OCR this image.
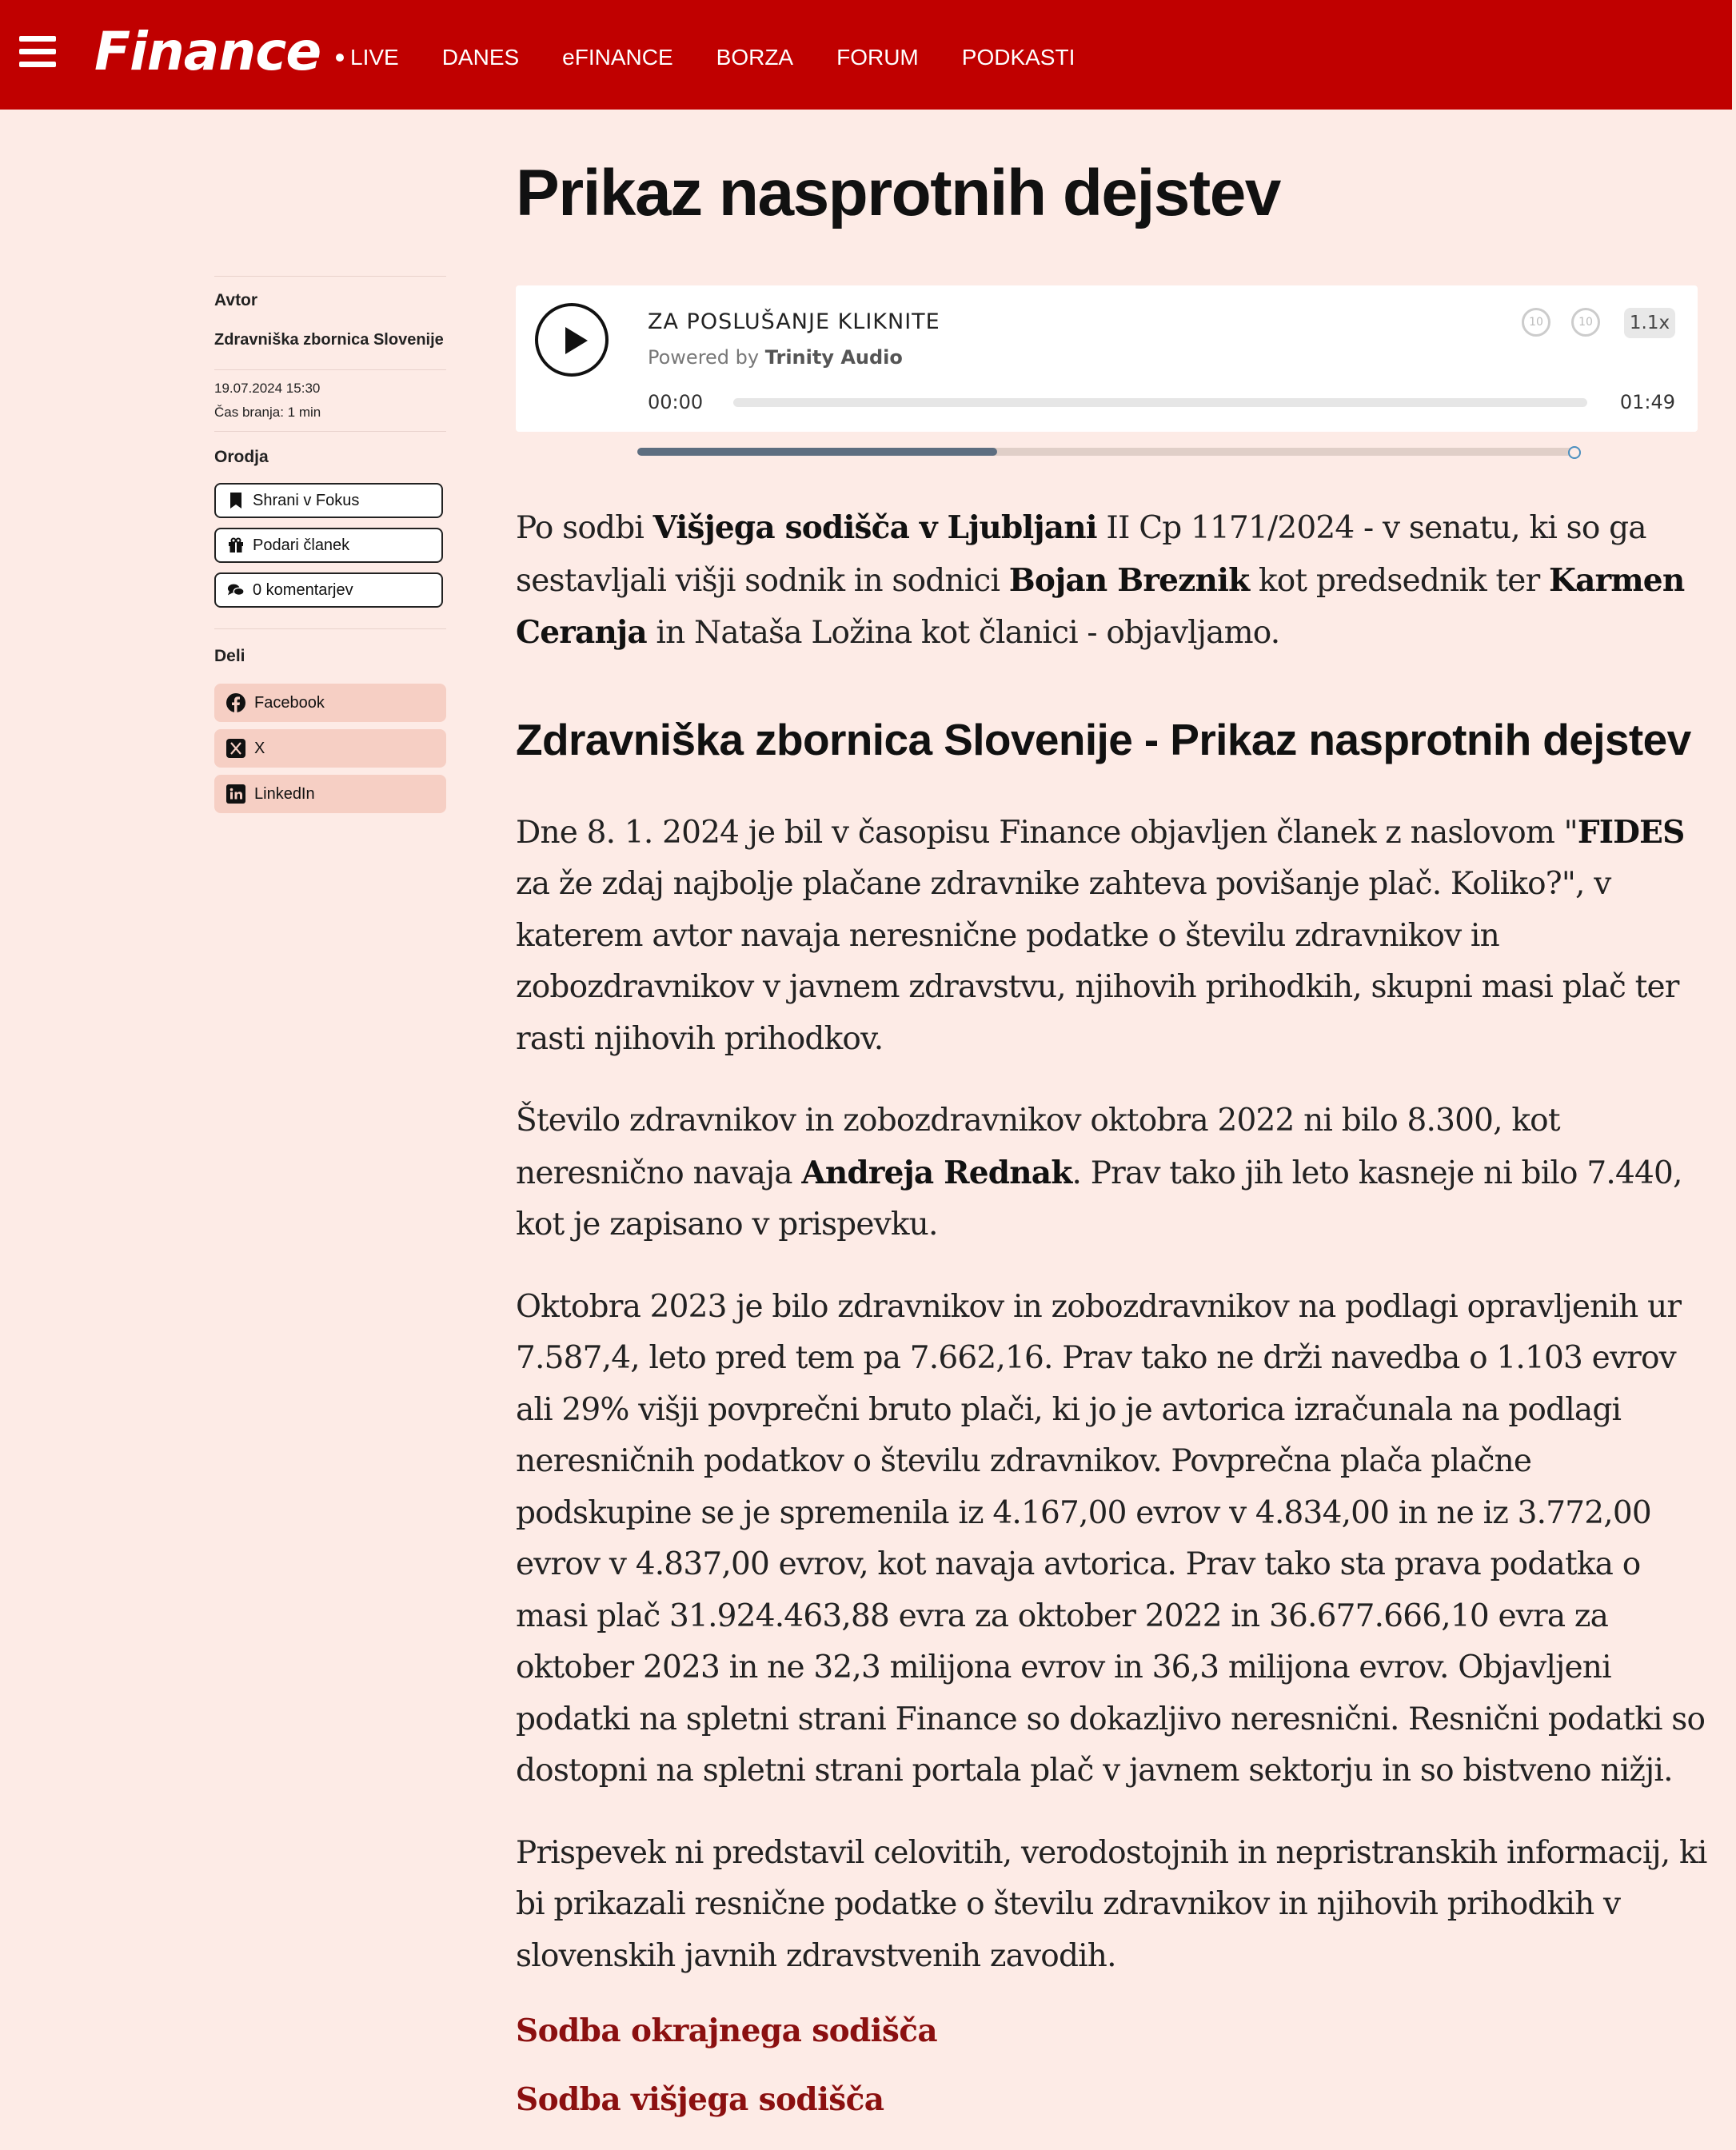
Finance LIVE DANES eFINANCE BORZA FORUM PODKASTI
Prikaz nasprotnih dejstev
Avtor
Zdravniška zbornica Slovenije
19.07.2024 15:30
Čas branja: 1 min
Orodja
Shrani v Fokus
Podari članek
0 komentarjev
Deli
Facebook
X
LinkedIn
ZA POSLUŠANJE KLIKNITE
Powered by Trinity Audio
10	10	1.1x
00:00	01:49

Po sodbi Višjega sodišča v Ljubljani II Cp 1171/2024 - v senatu, ki so ga sestavljali višji sodnik in sodnici Bojan Breznik kot predsednik ter Karmen Ceranja in Nataša Ložina kot članici - objavljamo.

Zdravniška zbornica Slovenije - Prikaz nasprotnih dejstev

Dne 8. 1. 2024 je bil v časopisu Finance objavljen članek z naslovom "FIDES za že zdaj najbolje plačane zdravnike zahteva povišanje plač. Koliko?", v katerem avtor navaja neresnične podatke o številu zdravnikov in zobozdravnikov v javnem zdravstvu, njihovih prihodkih, skupni masi plač ter rasti njihovih prihodkov.

Število zdravnikov in zobozdravnikov oktobra 2022 ni bilo 8.300, kot neresnično navaja Andreja Rednak. Prav tako jih leto kasneje ni bilo 7.440, kot je zapisano v prispevku.

Oktobra 2023 je bilo zdravnikov in zobozdravnikov na podlagi opravljenih ur 7.587,4, leto pred tem pa 7.662,16. Prav tako ne drži navedba o 1.103 evrov ali 29% višji povprečni bruto plači, ki jo je avtorica izračunala na podlagi neresničnih podatkov o številu zdravnikov. Povprečna plača plačne podskupine se je spremenila iz 4.167,00 evrov v 4.834,00 in ne iz 3.772,00 evrov v 4.837,00 evrov, kot navaja avtorica. Prav tako sta prava podatka o masi plač 31.924.463,88 evra za oktober 2022 in 36.677.666,10 evra za oktober 2023 in ne 32,3 milijona evrov in 36,3 milijona evrov. Objavljeni podatki na spletni strani Finance so dokazljivo neresnični. Resnični podatki so dostopni na spletni strani portala plač v javnem sektorju in so bistveno nižji.

Prispevek ni predstavil celovitih, verodostojnih in nepristranskih informacij, ki bi prikazali resnične podatke o številu zdravnikov in njihovih prihodkih v slovenskih javnih zdravstvenih zavodih.

Sodba okrajnega sodišča
Sodba višjega sodišča
